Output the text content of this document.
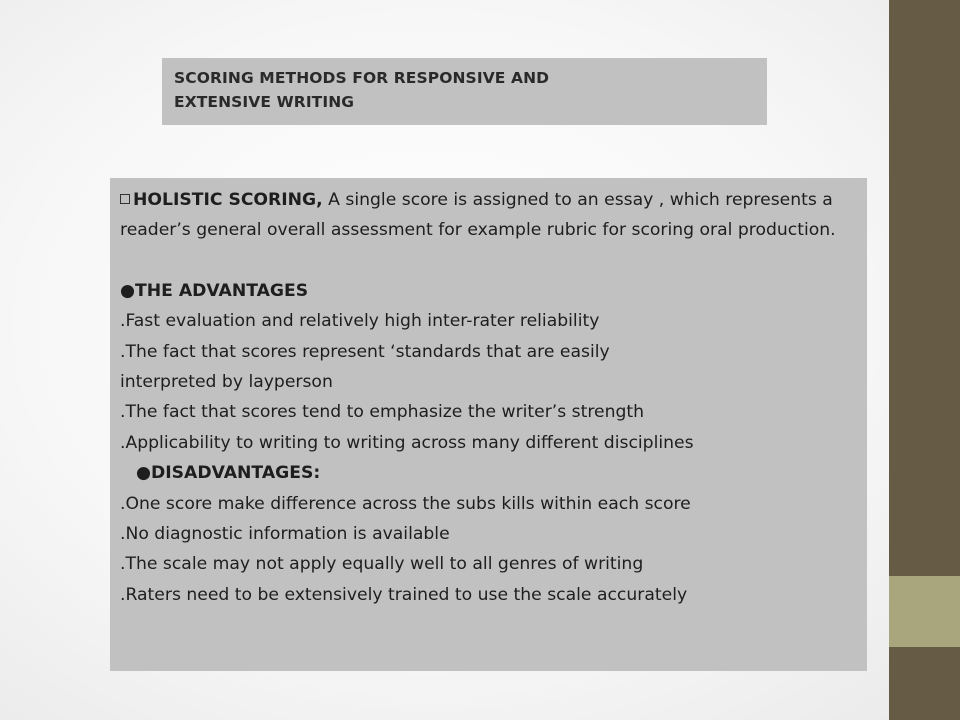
SCORING METHODS FOR RESPONSIVE AND EXTENSIVE WRITING
HOLISTIC SCORING, A single score is assigned to an essay , which represents a reader’s general overall assessment for example rubric for scoring oral production.
●THE ADVANTAGES
.Fast evaluation and relatively high inter-rater reliability
.The fact that scores represent ‘standards that are easily
interpreted by layperson
.The fact that scores tend to emphasize the writer’s strength
.Applicability to writing to writing across many different disciplines
●DISADVANTAGES:
.One score make difference across the subs kills within each score
.No diagnostic information is available
.The scale may not apply equally well to all genres of writing
.Raters need to be extensively trained to use the scale accurately
